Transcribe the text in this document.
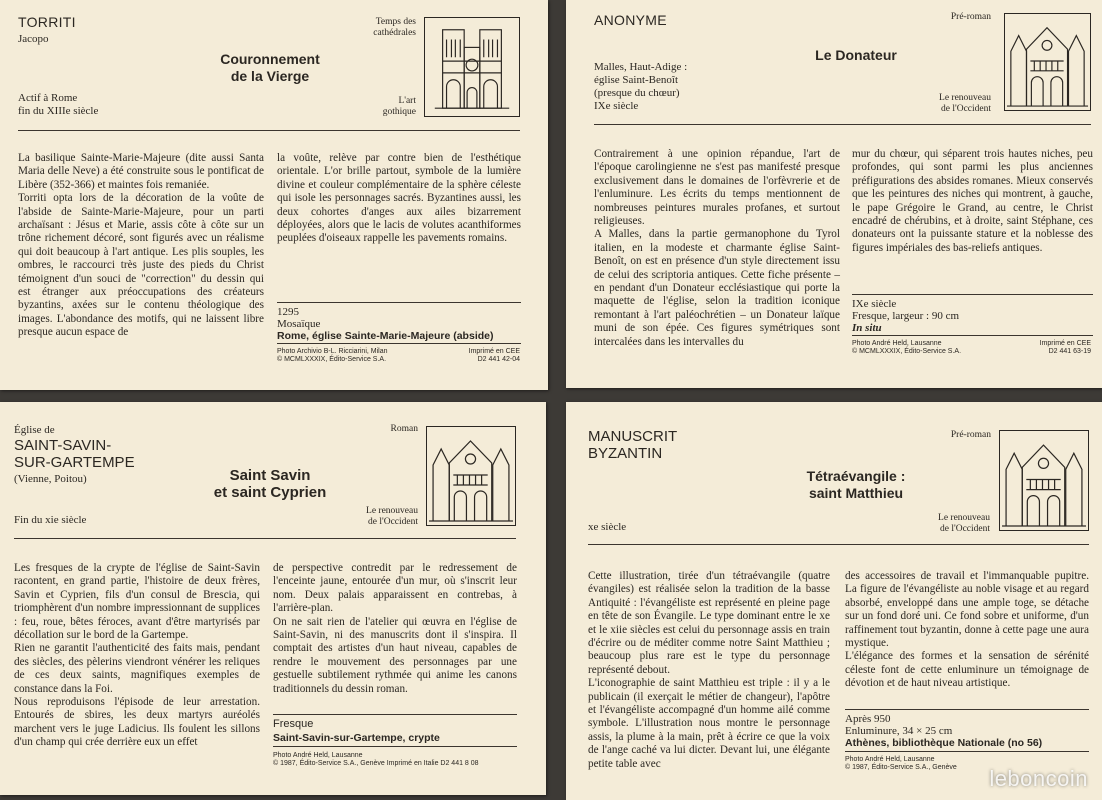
TORRITI
Jacopo
Temps des
cathédrales
Couronnement
de la Vierge
Actif à Rome
fin du XIIIe siècle
L'art
gothique
La basilique Sainte-Marie-Majeure (dite aussi Santa Maria delle Neve) a été construite sous le pontificat de Libère (352-366) et maintes fois remaniée.
Torriti opta lors de la décoration de la voûte de l'abside de Sainte-Marie-Majeure, pour un parti archaïsant : Jésus et Marie, assis côte à côte sur un trône richement décoré, sont figurés avec un réalisme qui doit beaucoup à l'art antique. Les plis souples, les ombres, le raccourci très juste des pieds du Christ témoignent d'un souci de "correction" du dessin qui est étranger aux préoccupations des créateurs byzantins, axées sur le contenu théologique des images. L'abondance des motifs, qui ne laissent libre presque aucun espace de
la voûte, relève par contre bien de l'esthétique orientale. L'or brille partout, symbole de la lumière divine et couleur complémentaire de la sphère céleste qui isole les personnages sacrés. Byzantines aussi, les deux cohortes d'anges aux ailes bizarrement déployées, alors que le lacis de volutes acanthiformes peuplées d'oiseaux rappelle les pavements romains.
1295
Mosaïque
Rome, église Sainte-Marie-Majeure (abside)
Photo Archivio B-L. Ricciarini, Milan
© MCMLXXXIX, Édito-Service S.A.
Imprimé en CEE
D2 441 42-04
ANONYME	Pré-roman
Le Donateur
Malles, Haut-Adige :
église Saint-Benoît
(presque du chœur)
IXe siècle
Le renouveau
de l'Occident
Contrairement à une opinion répandue, l'art de l'époque carolingienne ne s'est pas manifesté presque exclusivement dans le domaines de l'orfèvrerie et de l'enluminure. Les écrits du temps mentionnent de nombreuses peintures murales profanes, et surtout religieuses.
A Malles, dans la partie germanophone du Tyrol italien, en la modeste et charmante église Saint-Benoît, on est en présence d'un style directement issu de celui des scriptoria antiques. Cette fiche présente – en pendant d'un Donateur ecclésiastique qui porte la maquette de l'église, selon la tradition iconique remontant à l'art paléochrétien – un Donateur laïque muni de son épée. Ces figures symétriques sont intercalées dans les intervalles du
mur du chœur, qui séparent trois hautes niches, peu profondes, qui sont parmi les plus anciennes préfigurations des absides romanes. Mieux conservés que les peintures des niches qui montrent, à gauche, le pape Grégoire le Grand, au centre, le Christ encadré de chérubins, et à droite, saint Stéphane, ces donateurs ont la puissante stature et la noblesse des figures impériales des bas-reliefs antiques.
IXe siècle
Fresque, largeur : 90 cm
In situ
Photo André Held, Lausanne
© MCMLXXXIX, Édito-Service S.A.
Imprimé en CEE
D2 441 63-19
Église de
SAINT-SAVIN-
SUR-GARTEMPE
(Vienne, Poitou)
Roman
Saint Savin
et saint Cyprien
Fin du xie siècle
Le renouveau
de l'Occident
Les fresques de la crypte de l'église de Saint-Savin racontent, en grand partie, l'histoire de deux frères, Savin et Cyprien, fils d'un consul de Brescia, qui triomphèrent d'un nombre impressionnant de supplices : feu, roue, bêtes féroces, avant d'être martyrisés par décollation sur le bord de la Gartempe.
Rien ne garantit l'authenticité des faits mais, pendant des siècles, des pèlerins viendront vénérer les reliques de ces deux saints, magnifiques exemples de constance dans la Foi.
Nous reproduisons l'épisode de leur arrestation. Entourés de sbires, les deux martyrs auréolés marchent vers le juge Ladicius. Ils foulent les sillons d'un champ qui crée derrière eux un effet
de perspective contredit par le redressement de l'enceinte jaune, entourée d'un mur, où s'inscrit leur nom. Deux palais apparaissent en contrebas, à l'arrière-plan.
On ne sait rien de l'atelier qui œuvra en l'église de Saint-Savin, ni des manuscrits dont il s'inspira. Il comptait des artistes d'un haut niveau, capables de rendre le mouvement des personnages par une gestuelle subtilement rythmée qui anime les canons traditionnels du dessin roman.
Fresque
Saint-Savin-sur-Gartempe, crypte
Photo André Held, Lausanne
© 1987, Édito-Service S.A., Genève Imprimé en Italie D2 441 8 08
MANUSCRIT
BYZANTIN
Pré-roman
Tétraévangile :
saint Matthieu
xe siècle
Le renouveau
de l'Occident
Cette illustration, tirée d'un tétraévangile (quatre évangiles) est réalisée selon la tradition de la basse Antiquité : l'évangéliste est représenté en pleine page en tête de son Évangile. Le type dominant entre le xe et le xiie siècles est celui du personnage assis en train d'écrire ou de méditer comme notre Saint Matthieu ; beaucoup plus rare est le type du personnage représenté debout.
L'iconographie de saint Matthieu est triple : il y a le publicain (il exerçait le métier de changeur), l'apôtre et l'évangéliste accompagné d'un homme ailé comme symbole. L'illustration nous montre le personnage assis, la plume à la main, prêt à écrire ce que la voix de l'ange caché va lui dicter. Devant lui, une élégante petite table avec
des accessoires de travail et l'immanquable pupitre. La figure de l'évangéliste au noble visage et au regard absorbé, enveloppé dans une ample toge, se détache sur un fond doré uni. Ce fond sobre et uniforme, d'un raffinement tout byzantin, donne à cette page une aura mystique.
L'élégance des formes et la sensation de sérénité céleste font de cette enluminure un témoignage de dévotion et de haut niveau artistique.
Après 950
Enluminure, 34 × 25 cm
Athènes, bibliothèque Nationale (no 56)
Photo André Held, Lausanne
© 1987, Édito-Service S.A., Genève leboncoin
